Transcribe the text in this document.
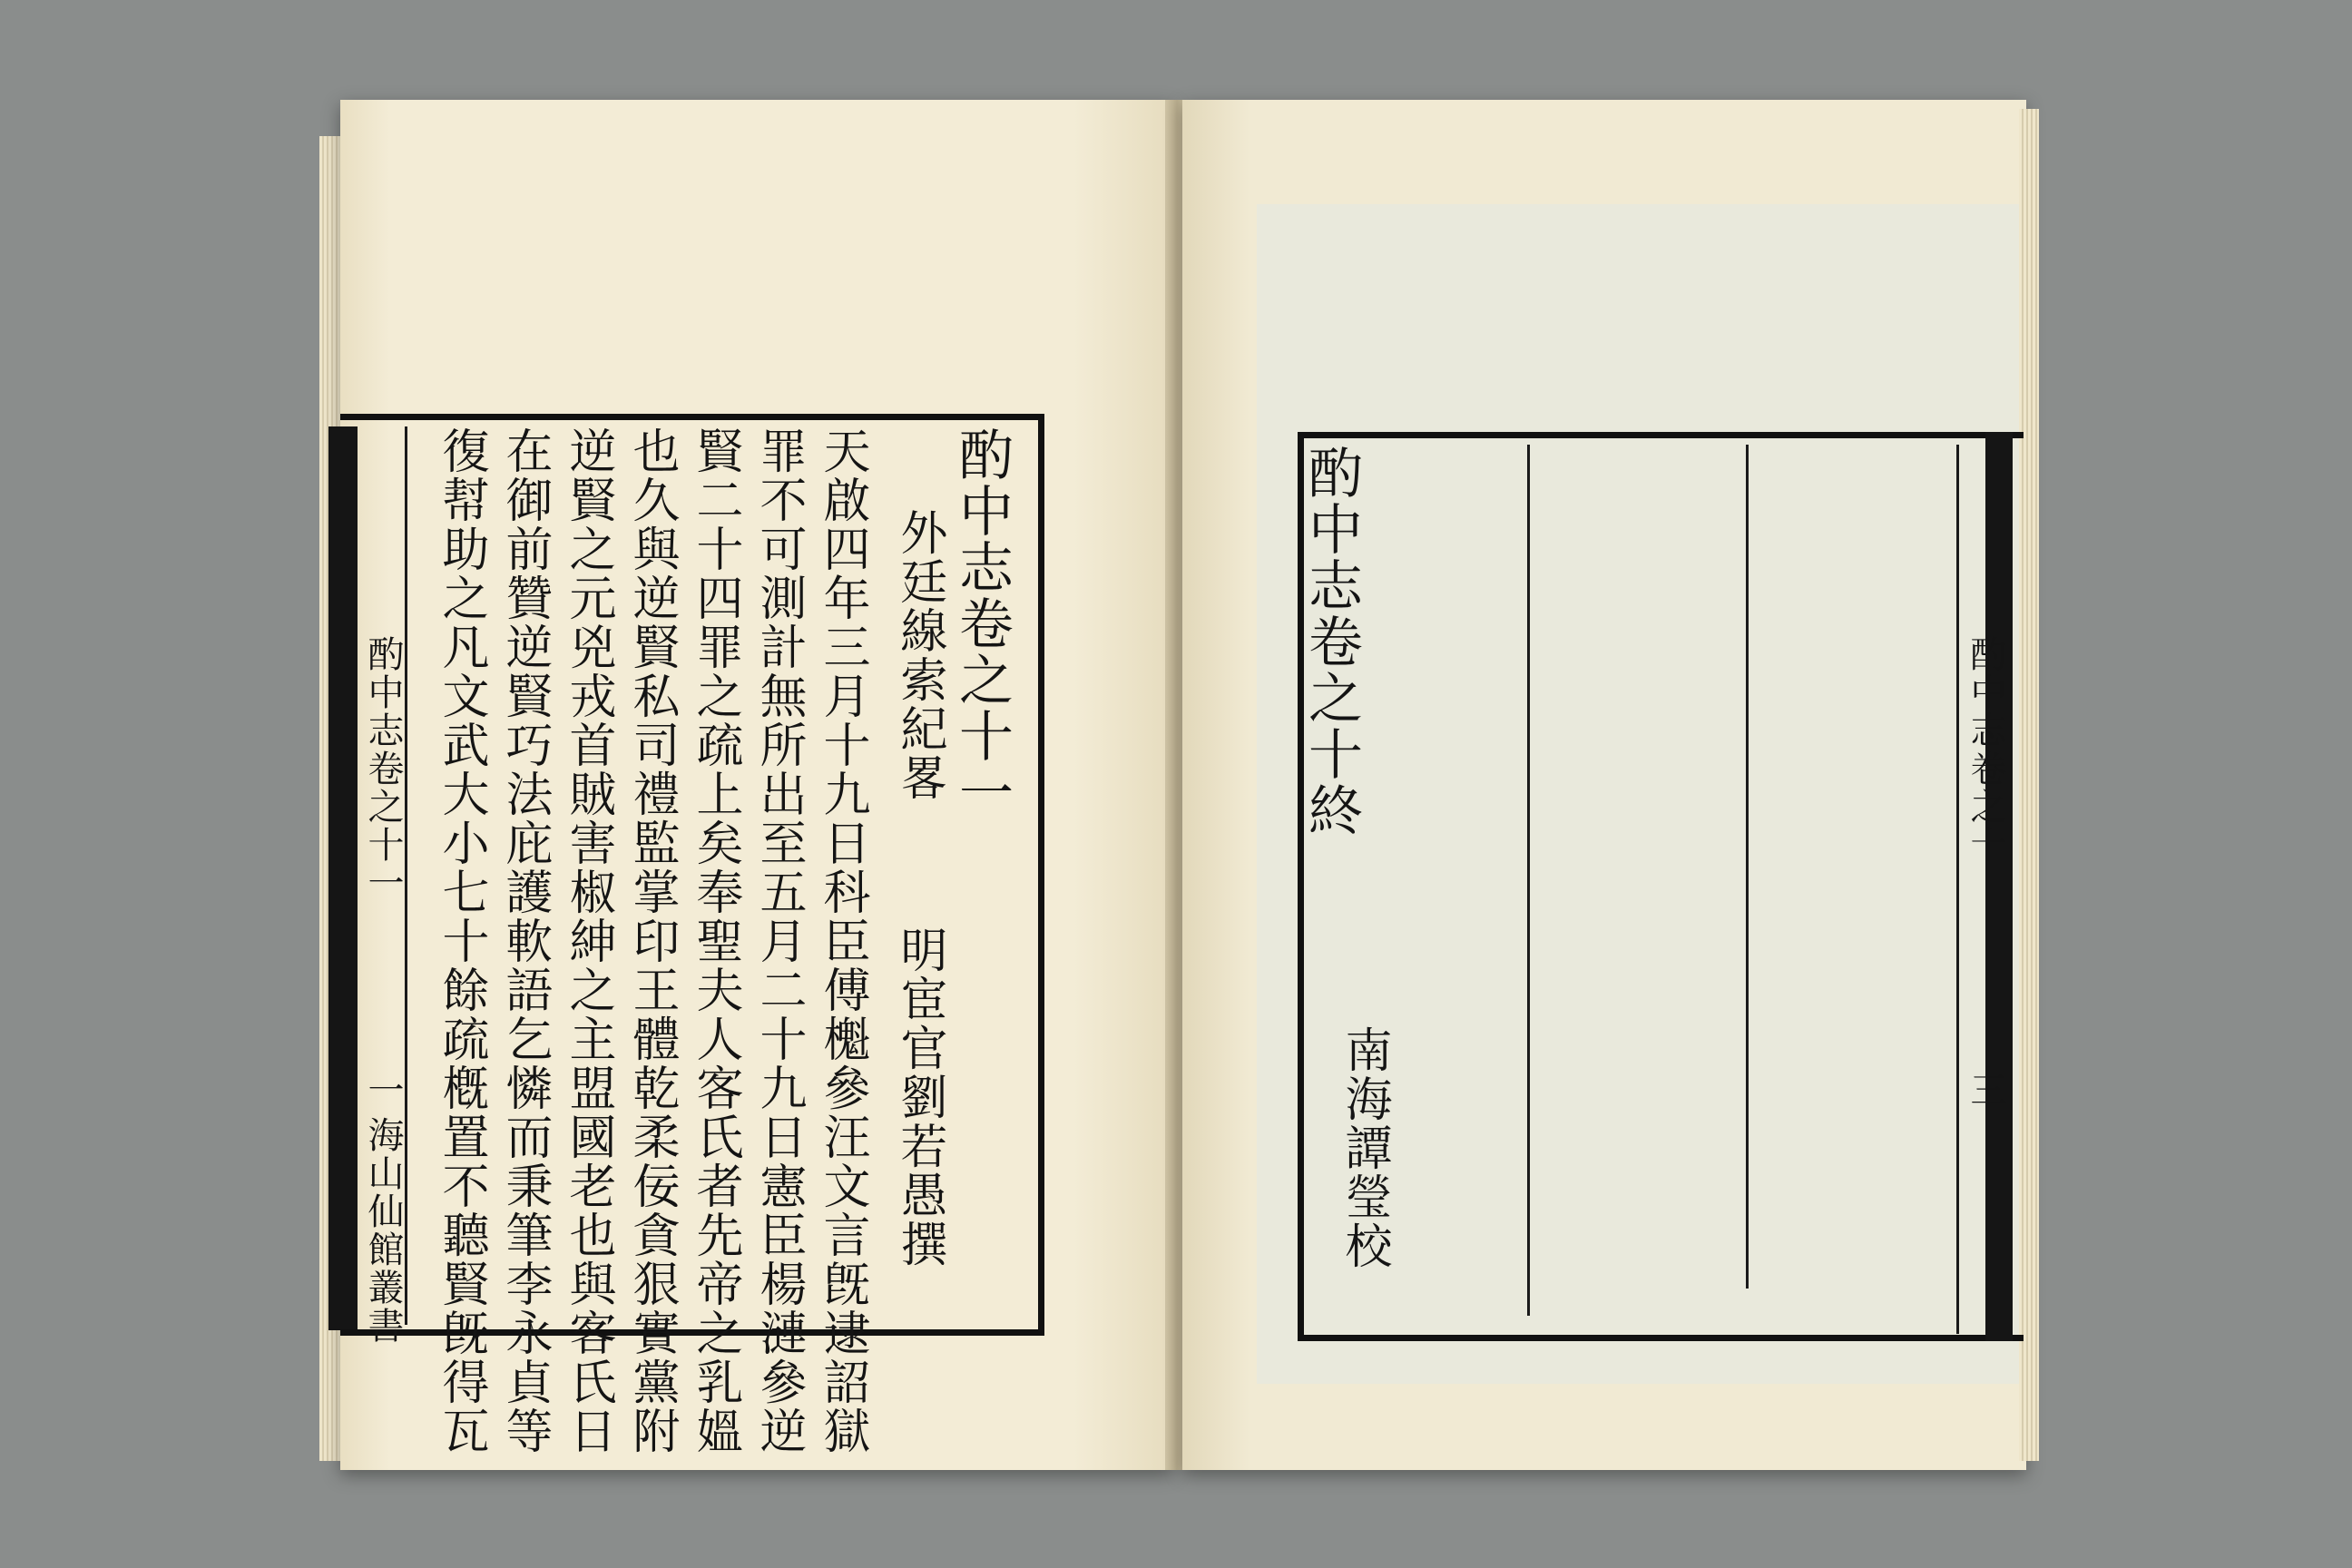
酌中志卷之十一
外廷線索紀畧
明宦官劉若愚撰
天啟四年三月十九日科臣傅櫆參汪文言旣逮詔獄
罪不可測計無所出至五月二十九日憲臣楊漣參逆
賢二十四罪之疏上矣奉聖夫人客氏者先帝之乳媼
也久與逆賢私司禮監掌印王體乾柔佞貪狠實黨附
逆賢之元兇戎首賊害椒紳之主盟國老也與客氏日
在御前贊逆賢巧法庇護軟語乞憐而秉筆李永貞等
復幇助之凡文武大小七十餘疏槪置不聽賢旣得瓦
酌中志卷之十一
一
海山仙館叢書
酌中志卷之十終
南海譚瑩校
酌中志卷之十
三
